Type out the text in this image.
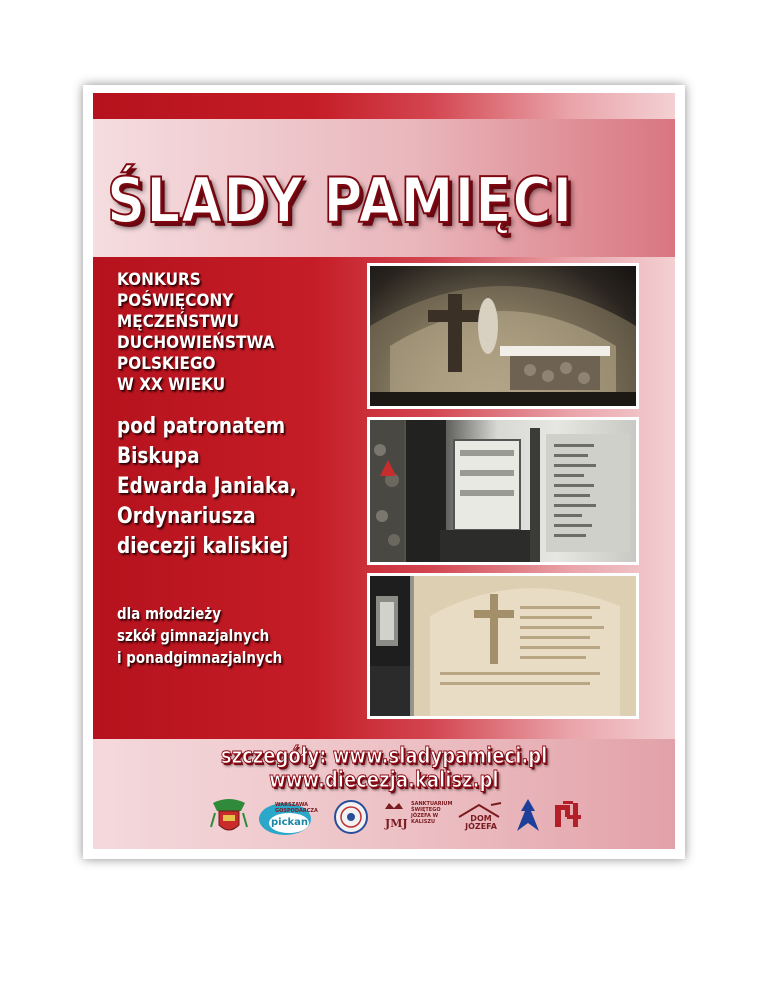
ŚLADY PAMIĘCI

KONKURS

POŚWIĘCONY

MĘCZEŃSTWU

DUCHOWIEŃSTWA

POLSKIEGO

W XX WIEKU

pod patronatem

Biskupa

Edwarda Janiaka,

Ordynariusza

diecezji kaliskiej

dla młodzieży

szkół gimnazjalnych

i ponadgimnazjalnych

szczegóły: www.sladypamieci.pl

www.diecezja.kalisz.pl

WARSZAWA GOSPODARCZA
pickan	JMJ
SANKTUARIUM ŚWIĘTEGO JÓZEFA W KALISZU	DOM JÓZEFA
